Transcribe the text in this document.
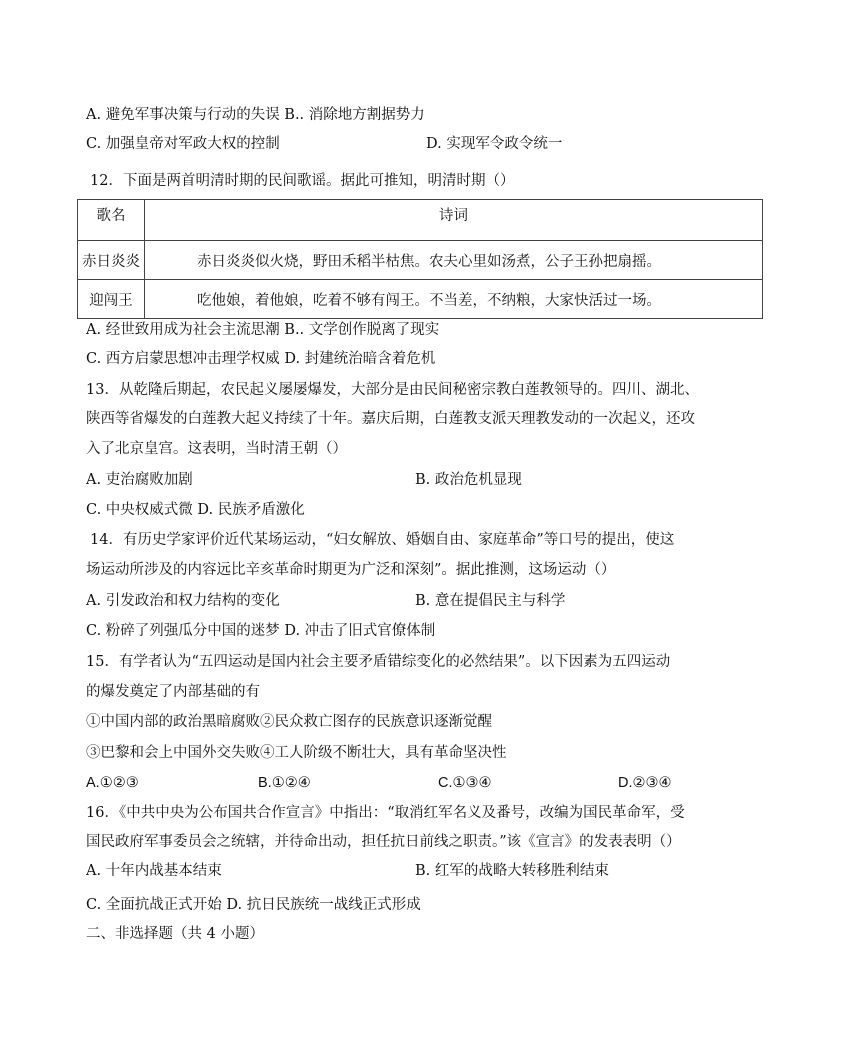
A. 避免军事决策与行动的失误 B.. 消除地方割据势力
C. 加强皇帝对军政大权的控制	D. 实现军令政令统一
12．下面是两首明清时期的民间歌谣。据此可推知，明清时期（）
歌名	诗词
赤日炎炎	赤日炎炎似火烧，野田禾稻半枯焦。农夫心里如汤煮，公子王孙把扇摇。
迎闯王	吃他娘，着他娘，吃着不够有闯王。不当差，不纳粮，大家快活过一场。
A. 经世致用成为社会主流思潮 B.. 文学创作脱离了现实
C. 西方启蒙思想冲击理学权威 D. 封建统治暗含着危机
13．从乾隆后期起，农民起义屡屡爆发，大部分是由民间秘密宗教白莲教领导的。四川、湖北、
陕西等省爆发的白莲教大起义持续了十年。嘉庆后期，白莲教支派天理教发动的一次起义，还攻
入了北京皇宫。这表明，当时清王朝（）
A. 吏治腐败加剧	B. 政治危机显现
C. 中央权威式微 D. 民族矛盾激化
14．有历史学家评价近代某场运动，“妇女解放、婚姻自由、家庭革命”等口号的提出，使这
场运动所涉及的内容远比辛亥革命时期更为广泛和深刻”。据此推测，这场运动（）
A. 引发政治和权力结构的变化	B. 意在提倡民主与科学
C. 粉碎了列强瓜分中国的迷梦 D. 冲击了旧式官僚体制
15．有学者认为“五四运动是国内社会主要矛盾错综变化的必然结果”。以下因素为五四运动
的爆发奠定了内部基础的有
①中国内部的政治黑暗腐败②民众救亡图存的民族意识逐渐觉醒
③巴黎和会上中国外交失败④工人阶级不断壮大，具有革命坚决性
A.①②③	B.①②④	C.①③④	D.②③④
16．《中共中央为公布国共合作宣言》中指出：“取消红军名义及番号，改编为国民革命军，受
国民政府军事委员会之统辖，并待命出动，担任抗日前线之职责。”该《宣言》的发表表明（）
A. 十年内战基本结束	B. 红军的战略大转移胜利结束
C. 全面抗战正式开始 D. 抗日民族统一战线正式形成
二、非选择题（共 4 小题）
